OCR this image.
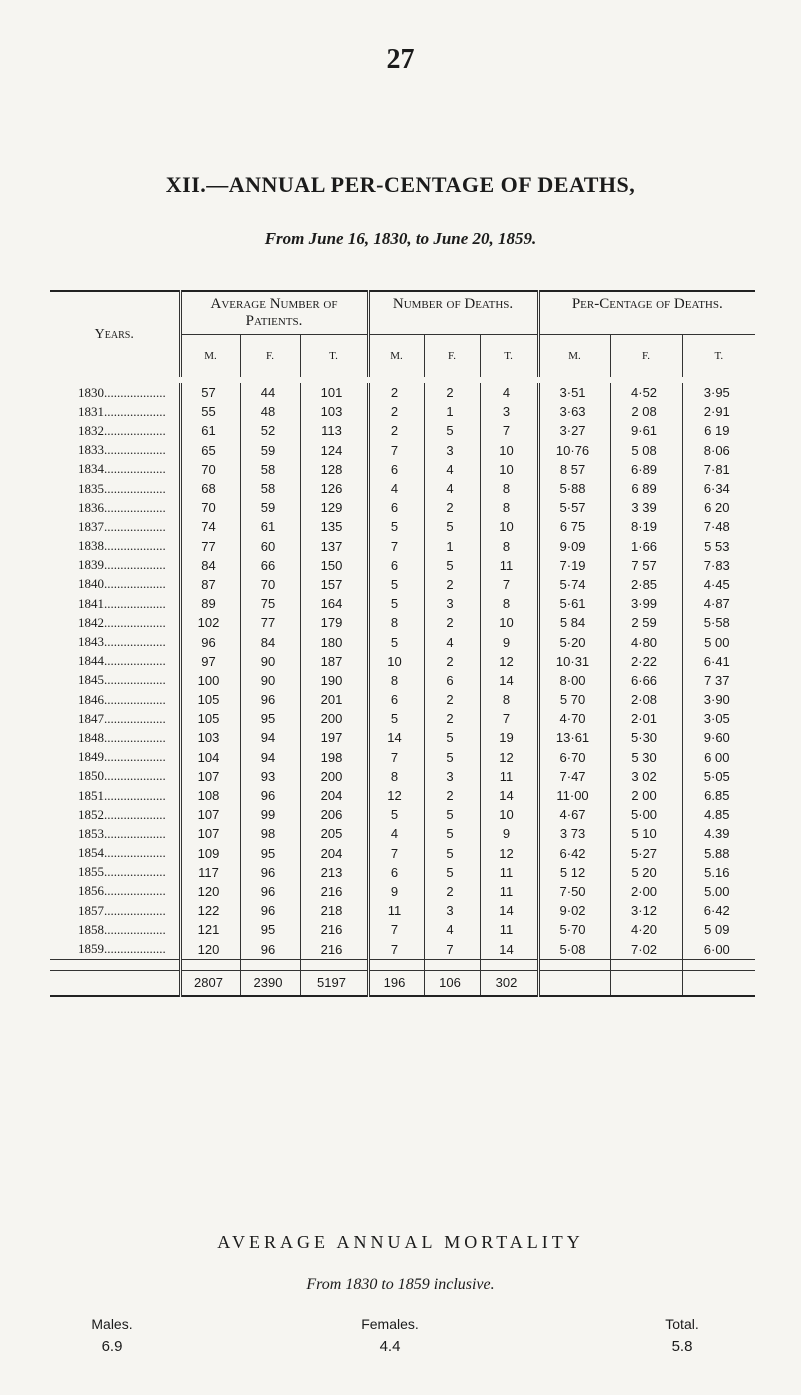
27
XII.—ANNUAL PER-CENTAGE OF DEATHS,
From June 16, 1830, to June 20, 1859.
Years.	Average Number of Patients.			Number of Deaths.			Per-Centage of Deaths.		
	M.	F.	T.	M.	F.	T.	M.	F.	T.

1830...................	57	44	101	2	2	4	3·51	4·52	3·95
1831...................	55	48	103	2	1	3	3·63	2 08	2·91
1832...................	61	52	113	2	5	7	3·27	9·61	6 19
1833...................	65	59	124	7	3	10	10·76	5 08	8·06
1834...................	70	58	128	6	4	10	8 57	6·89	7·81
1835...................	68	58	126	4	4	8	5·88	6 89	6·34
1836...................	70	59	129	6	2	8	5·57	3 39	6 20
1837...................	74	61	135	5	5	10	6 75	8·19	7·48
1838...................	77	60	137	7	1	8	9·09	1·66	5 53
1839...................	84	66	150	6	5	11	7·19	7 57	7·83
1840...................	87	70	157	5	2	7	5·74	2·85	4·45
1841...................	89	75	164	5	3	8	5·61	3·99	4·87
1842...................	102	77	179	8	2	10	5 84	2 59	5·58
1843...................	96	84	180	5	4	9	5·20	4·80	5 00
1844...................	97	90	187	10	2	12	10·31	2·22	6·41
1845...................	100	90	190	8	6	14	8·00	6·66	7 37
1846...................	105	96	201	6	2	8	5 70	2·08	3·90
1847...................	105	95	200	5	2	7	4·70	2·01	3·05
1848...................	103	94	197	14	5	19	13·61	5·30	9·60
1849...................	104	94	198	7	5	12	6·70	5 30	6 00
1850...................	107	93	200	8	3	11	7·47	3 02	5·05
1851...................	108	96	204	12	2	14	11·00	2 00	6.85
1852...................	107	99	206	5	5	10	4·67	5·00	4.85
1853...................	107	98	205	4	5	9	3 73	5 10	4.39
1854...................	109	95	204	7	5	12	6·42	5·27	5.88
1855...................	117	96	213	6	5	11	5 12	5 20	5.16
1856...................	120	96	216	9	2	11	7·50	2·00	5.00
1857...................	122	96	218	11	3	14	9·02	3·12	6·42
1858...................	121	95	216	7	4	11	5·70	4·20	5 09
1859...................	120	96	216	7	7	14	5·08	7·02	6·00

	2807	2390	5197	196	106	302			
AVERAGE ANNUAL MORTALITY
From 1830 to 1859 inclusive.
Males.
6.9
Females.
4.4
Total.
5.8
